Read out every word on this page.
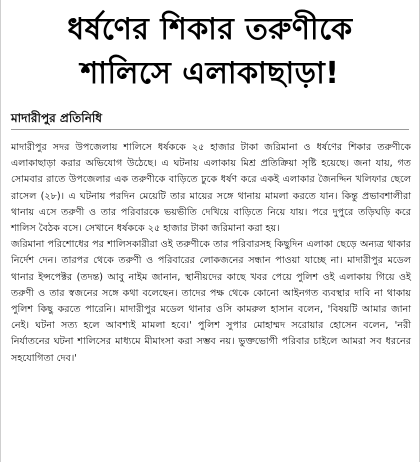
ধর্ষণের শিকার তরুণীকে
শালিসে এলাকাছাড়া!
মাদারীপুর প্রতিনিধি

মাদারীপুর সদর উপজেলায় শালিসে ধর্ষককে ২৫ হাজার টাকা জরিমানা ও ধর্ষণের শিকার তরুণীকে এলাকাছাড়া করার অভিযোগ উঠেছে। এ ঘটনায় এলাকায় মিশ্র প্রতিক্রিয়া সৃষ্টি হয়েছে। জনা যায়, গত সোমবার রাতে উপজেলার এক তরুণীকে বাড়িতে ঢুকে ধর্ষণ করে একই এলাকার জৈনদ্দিন খলিফার ছেলে রাসেল (২৮)। এ ঘটনায় পরদিন মেয়েটি তার মায়ের সঙ্গে থানায় মামলা করতে যান। কিন্তু প্রভাবশালীরা থানায় এসে তরুণী ও তার পরিবারকে ভয়ভীতি দেখিয়ে বাড়িতে নিয়ে যায়। পরে দুপুরে তড়িঘড়ি করে শালিস বৈঠক বসে। সেখানে ধর্ষককে ২৫ হাজার টাকা জরিমানা করা হয়।

জরিমানা পরিশোধের পর শালিসকারীরা ওই তরুণীকে তার পরিবারসহ কিছুদিন এলাকা ছেড়ে অন্যত্র থাকার নির্দেশ দেন। তারপর থেকে তরুণী ও পরিবারের লোকজনের সন্ধান পাওয়া যাচ্ছে না। মাদারীপুর মডেল থানার ইন্সপেক্টর (তদন্ত) আবু নাইম জানান, স্থানীয়দের কাছে খবর পেয়ে পুলিশ ওই এলাকায় গিয়ে ওই তরুণী ও তার স্বজনের সঙ্গে কথা বলেছেন। তাদের পক্ষ থেকে কোনো আইনগত ব্যবস্থার দাবি না থাকায় পুলিশ কিছু করতে পারেনি। মাদারীপুর মডেল থানার ওসি কামরুল হাসান বলেন, 'বিষয়টি আমার জানা নেই। ঘটনা সত্য হলে আবশ্যই মামলা হবে।' পুলিশ সুপার মোহাম্মদ সরোয়ার হোসেন বলেন, 'নরী নির্যাতনের ঘটনা শালিসের মাধ্যমে মীমাংসা করা সম্ভব নয়। ভুক্তভোগী পরিবার চাইলে আমরা সব ধরনের সহযোগিতা দেব।'
